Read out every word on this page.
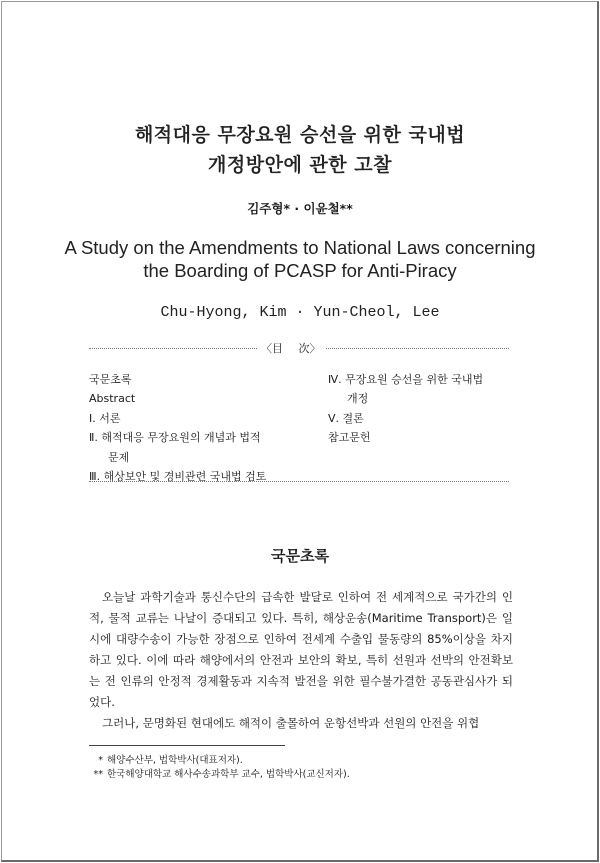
해적대응 무장요원 승선을 위한 국내법
개정방안에 관한 고찰
김주형* · 이윤철**
A Study on the Amendments to National Laws concerning
the Boarding of PCASP for Anti-Piracy
Chu-Hyong, Kim · Yun-Cheol, Lee
〈目 次〉
국문초록
Abstract
Ⅰ. 서론
Ⅱ. 해적대응 무장요원의 개념과 법적
문제
Ⅲ. 해상보안 및 경비관련 국내법 검토
Ⅳ. 무장요원 승선을 위한 국내법
개정
Ⅴ. 결론
참고문헌
국문초록

오늘날 과학기술과 통신수단의 급속한 발달로 인하여 전 세계적으로 국가간의 인적, 물적 교류는 나날이 증대되고 있다. 특히, 해상운송(Maritime Transport)은 일시에 대량수송이 가능한 장점으로 인하여 전세계 수출입 물동량의 85%이상을 차지하고 있다. 이에 따라 해양에서의 안전과 보안의 확보, 특히 선원과 선박의 안전확보는 전 인류의 안정적 경제활동과 지속적 발전을 위한 필수불가결한 공동관심사가 되었다.

그러나, 문명화된 현대에도 해적이 출몰하여 운항선박과 선원의 안전을 위협

* 해양수산부, 법학박사(대표저자).
** 한국해양대학교 해사수송과학부 교수, 법학박사(교신저자).
